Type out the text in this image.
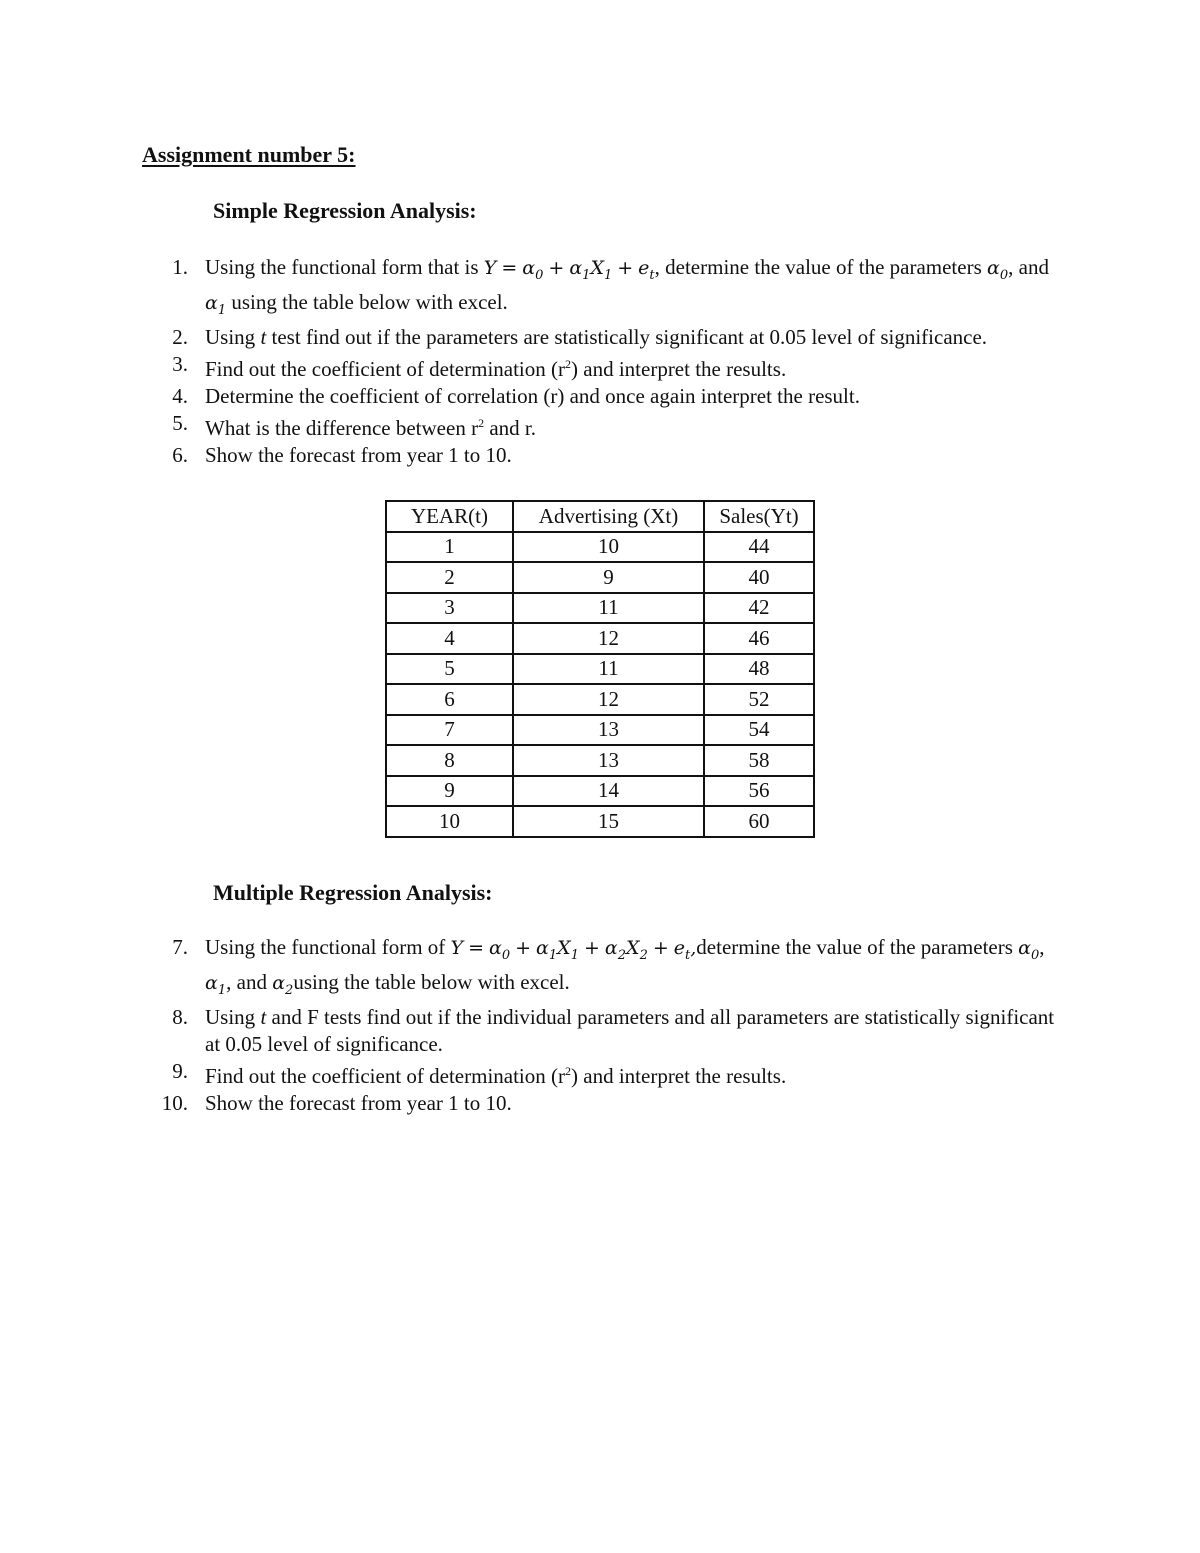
Assignment number 5:
Simple Regression Analysis:
1. Using the functional form that is $Y = \alpha_0 + \alpha_1X_1 + e_t$, determine the value of the parameters $\alpha_0$, and $\alpha_1$ using the table below with excel.
2. Using t test find out if the parameters are statistically significant at 0.05 level of significance.
3. Find out the coefficient of determination $(r^2)$ and interpret the results.
4. Determine the coefficient of correlation (r) and once again interpret the result.
5. What is the difference between $r^2$ and r.
6. Show the forecast from year 1 to 10.
YEAR(t)	Advertising (Xt)	Sales(Yt)
1	10	44
2	9	40
3	11	42
4	12	46
5	11	48
6	12	52
7	13	54
8	13	58
9	14	56
10	15	60
Multiple Regression Analysis:
7. Using the functional form of $Y = \alpha_0 + \alpha_1X_1 + \alpha_2X_2$ + $e_t,determine$ the value of the parameters $\alpha_0$, $\alpha_1$, and $\alpha_2using$ the table below with excel.
8. Using t and F tests find out if the individual parameters and all parameters are statistically significant at 0.05 level of significance.
9. Find out the coefficient of determination $(r^2)$ and interpret the results.
10. Show the forecast from year 1 to 10.
